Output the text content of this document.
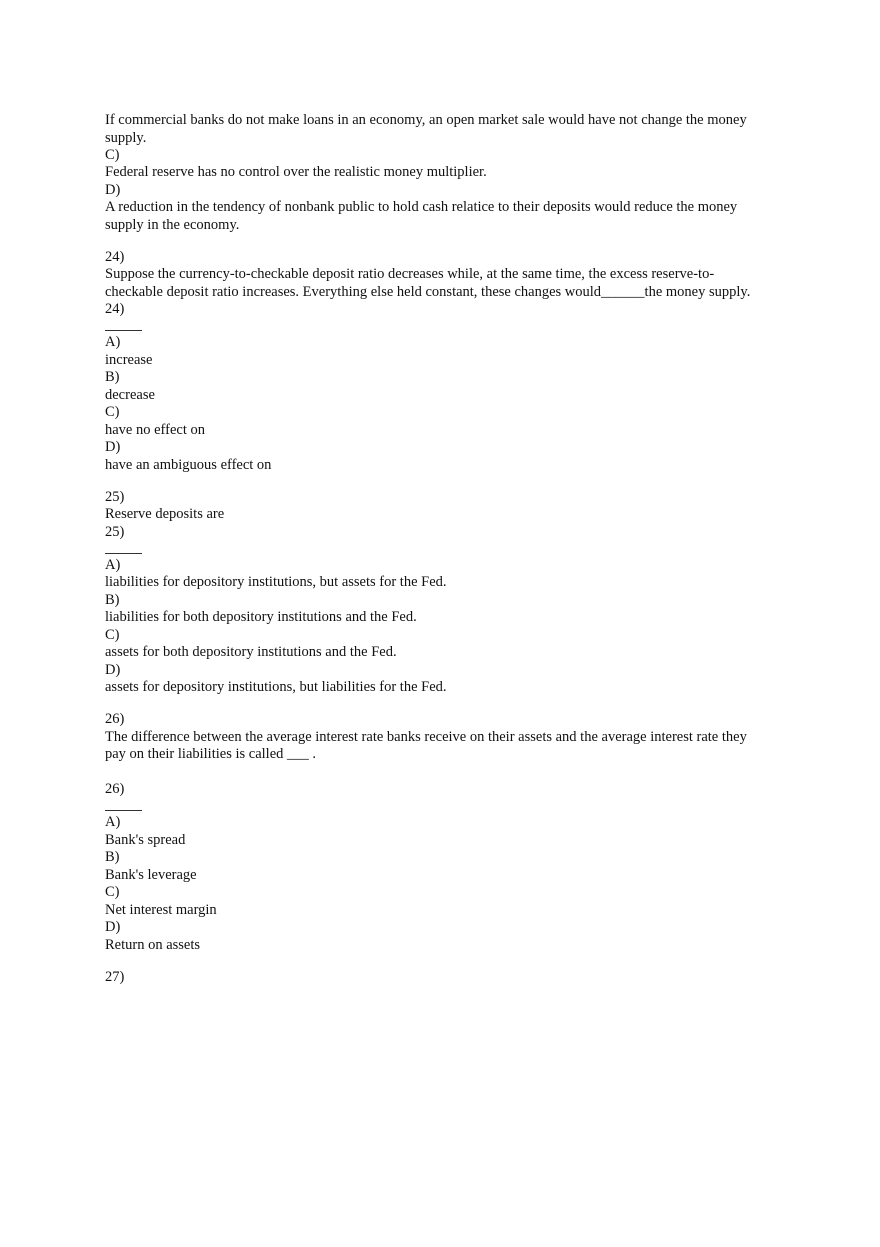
If commercial banks do not make loans in an economy, an open market sale would have not change the money
supply.
C)
Federal reserve has no control over the realistic money multiplier.
D)
A reduction in the tendency of nonbank public to hold cash relatice to their deposits would reduce the money
supply in the economy.
24)
Suppose the currency-to-checkable deposit ratio decreases while, at the same time, the excess reserve-to-
checkable deposit ratio increases. Everything else held constant, these changes would______the money supply.
24)
A)
increase
B)
decrease
C)
have no effect on
D)
have an ambiguous effect on
25)
Reserve deposits are
25)
A)
liabilities for depository institutions, but assets for the Fed.
B)
liabilities for both depository institutions and the Fed.
C)
assets for both depository institutions and the Fed.
D)
assets for depository institutions, but liabilities for the Fed.
26)
The difference between the average interest rate banks receive on their assets and the average interest rate they
pay on their liabilities is called ___ .
26)
A)
Bank's spread
B)
Bank's leverage
C)
Net interest margin
D)
Return on assets
27)
